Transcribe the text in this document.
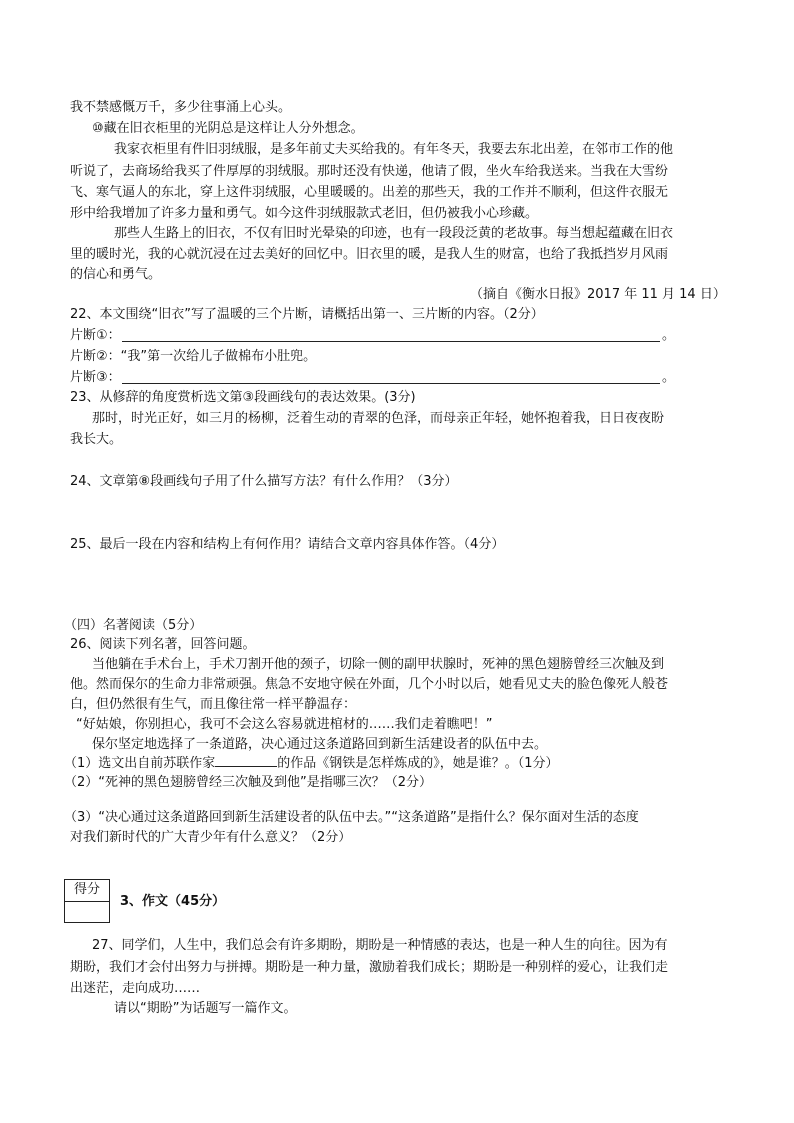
我不禁感慨万千，多少往事涌上心头。
⑩藏在旧衣柜里的光阴总是这样让人分外想念。
我家衣柜里有件旧羽绒服，是多年前丈夫买给我的。有年冬天，我要去东北出差，在邻市工作的他
听说了，去商场给我买了件厚厚的羽绒服。那时还没有快递，他请了假，坐火车给我送来。当我在大雪纷
飞、寒气逼人的东北，穿上这件羽绒服，心里暖暖的。出差的那些天，我的工作并不顺利，但这件衣服无
形中给我增加了许多力量和勇气。如今这件羽绒服款式老旧，但仍被我小心珍藏。
那些人生路上的旧衣，不仅有旧时光晕染的印迹，也有一段段泛黄的老故事。每当想起蕴藏在旧衣
里的暖时光，我的心就沉浸在过去美好的回忆中。旧衣里的暖，是我人生的财富，也给了我抵挡岁月风雨
的信心和勇气。
（摘自《衡水日报》2017 年 11 月 14 日）
22、本文围绕“旧衣”写了温暖的三个片断，请概括出第一、三片断的内容。（2分）
片断①：	。
片断②：“我”第一次给儿子做棉布小肚兜。
片断③：	。
23、从修辞的角度赏析选文第③段画线句的表达效果。(3分)
那时，时光正好，如三月的杨柳，泛着生动的青翠的色泽，而母亲正年轻，她怀抱着我，日日夜夜盼
我长大。
24、文章第⑧段画线句子用了什么描写方法？有什么作用？（3分）
25、最后一段在内容和结构上有何作用？请结合文章内容具体作答。（4分）
（四）名著阅读（5分）
26、阅读下列名著，回答问题。
当他躺在手术台上，手术刀割开他的颈子，切除一侧的副甲状腺时，死神的黑色翅膀曾经三次触及到
他。然而保尔的生命力非常顽强。焦急不安地守候在外面，几个小时以后，她看见丈夫的脸色像死人般苍
白，但仍然很有生气，而且像往常一样平静温存：
“好姑娘，你别担心，我可不会这么容易就进棺材的……我们走着瞧吧！”
保尔坚定地选择了一条道路，决心通过这条道路回到新生活建设者的队伍中去。
（1）选文出自前苏联作家	的作品《钢铁是怎样炼成的》，她是谁？。（1分）
（2）“死神的黑色翅膀曾经三次触及到他”是指哪三次？（2分）
（3）“决心通过这条道路回到新生活建设者的队伍中去。”“这条道路”是指什么？保尔面对生活的态度
对我们新时代的广大青少年有什么意义？（2分）
得分
3、作文（45分）
27、同学们，人生中，我们总会有许多期盼，期盼是一种情感的表达，也是一种人生的向往。因为有
期盼，我们才会付出努力与拼搏。期盼是一种力量，激励着我们成长；期盼是一种别样的爱心，让我们走
出迷茫，走向成功……
请以“期盼”为话题写一篇作文。
